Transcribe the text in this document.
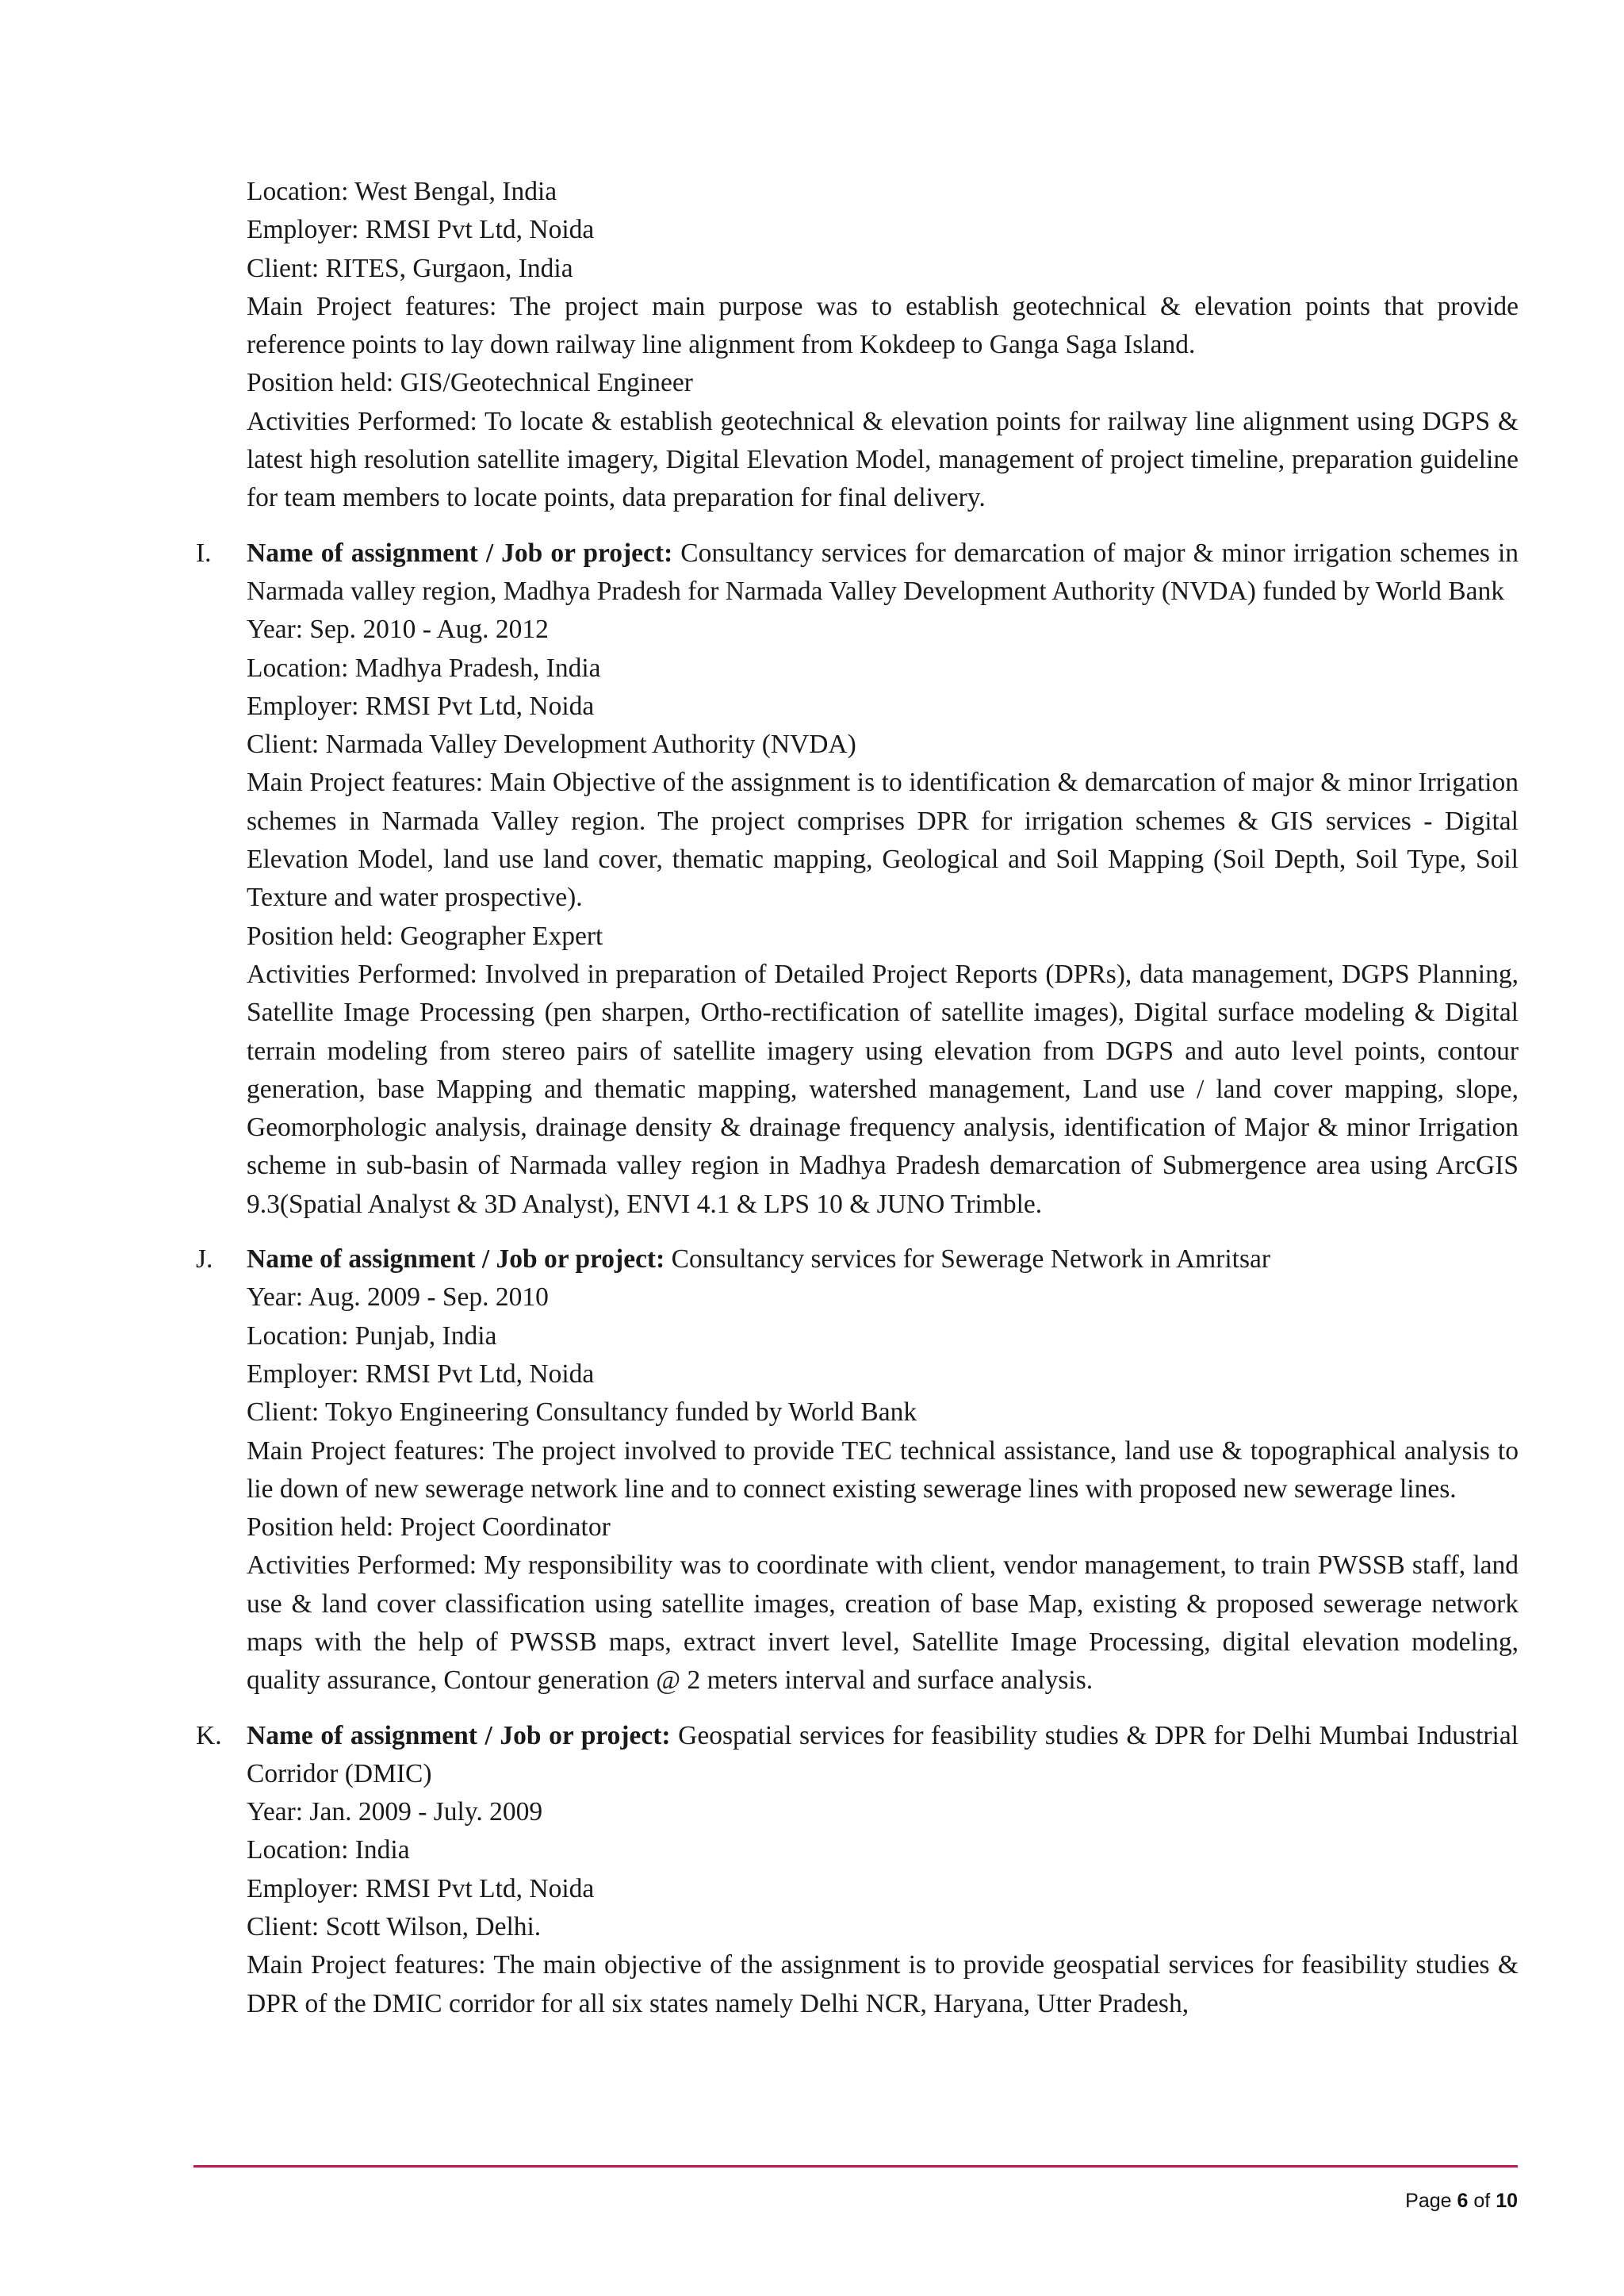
Location: West Bengal, India
Employer: RMSI Pvt Ltd, Noida
Client: RITES, Gurgaon, India
Main Project features: The project main purpose was to establish geotechnical & elevation points that provide reference points to lay down railway line alignment from Kokdeep to Ganga Saga Island.
Position held: GIS/Geotechnical Engineer
Activities Performed: To locate & establish geotechnical & elevation points for railway line alignment using DGPS & latest high resolution satellite imagery, Digital Elevation Model, management of project timeline, preparation guideline for team members to locate points, data preparation for final delivery.
I. Name of assignment / Job or project: Consultancy services for demarcation of major & minor irrigation schemes in Narmada valley region, Madhya Pradesh for Narmada Valley Development Authority (NVDA) funded by World Bank
Year: Sep. 2010 - Aug. 2012
Location: Madhya Pradesh, India
Employer: RMSI Pvt Ltd, Noida
Client: Narmada Valley Development Authority (NVDA)
Main Project features: Main Objective of the assignment is to identification & demarcation of major & minor Irrigation schemes in Narmada Valley region. The project comprises DPR for irrigation schemes & GIS services - Digital Elevation Model, land use land cover, thematic mapping, Geological and Soil Mapping (Soil Depth, Soil Type, Soil Texture and water prospective).
Position held: Geographer Expert
Activities Performed: Involved in preparation of Detailed Project Reports (DPRs), data management, DGPS Planning, Satellite Image Processing (pen sharpen, Ortho-rectification of satellite images), Digital surface modeling & Digital terrain modeling from stereo pairs of satellite imagery using elevation from DGPS and auto level points, contour generation, base Mapping and thematic mapping, watershed management, Land use / land cover mapping, slope, Geomorphologic analysis, drainage density & drainage frequency analysis, identification of Major & minor Irrigation scheme in sub-basin of Narmada valley region in Madhya Pradesh demarcation of Submergence area using ArcGIS 9.3(Spatial Analyst & 3D Analyst), ENVI 4.1 & LPS 10 & JUNO Trimble.
J. Name of assignment / Job or project: Consultancy services for Sewerage Network in Amritsar
Year: Aug. 2009 - Sep. 2010
Location: Punjab, India
Employer: RMSI Pvt Ltd, Noida
Client: Tokyo Engineering Consultancy funded by World Bank
Main Project features: The project involved to provide TEC technical assistance, land use & topographical analysis to lie down of new sewerage network line and to connect existing sewerage lines with proposed new sewerage lines.
Position held: Project Coordinator
Activities Performed: My responsibility was to coordinate with client, vendor management, to train PWSSB staff, land use & land cover classification using satellite images, creation of base Map, existing & proposed sewerage network maps with the help of PWSSB maps, extract invert level, Satellite Image Processing, digital elevation modeling, quality assurance, Contour generation @ 2 meters interval and surface analysis.
K. Name of assignment / Job or project: Geospatial services for feasibility studies & DPR for Delhi Mumbai Industrial Corridor (DMIC)
Year: Jan. 2009 - July. 2009
Location: India
Employer: RMSI Pvt Ltd, Noida
Client: Scott Wilson, Delhi.
Main Project features: The main objective of the assignment is to provide geospatial services for feasibility studies & DPR of the DMIC corridor for all six states namely Delhi NCR, Haryana, Utter Pradesh,
Page 6 of 10
